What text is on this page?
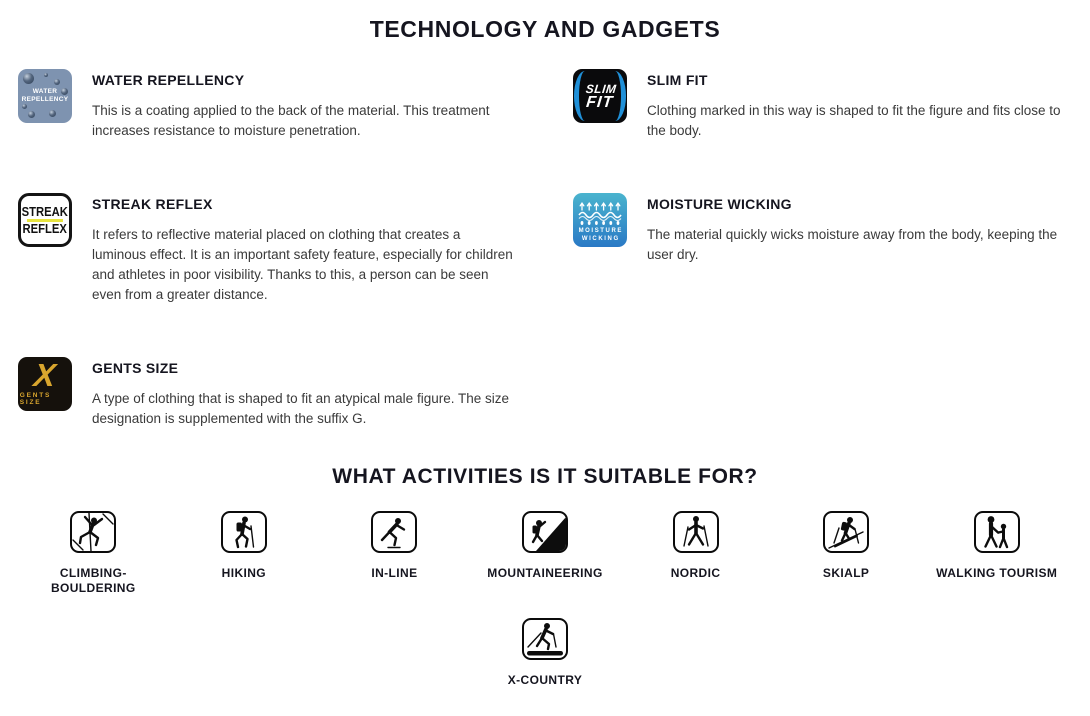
TECHNOLOGY AND GADGETS
WATER
REPELLENCY
WATER REPELLENCY

This is a coating applied to the back of the material. This treatment increases resistance to moisture penetration.

SLIM
FIT
SLIM FIT

Clothing marked in this way is shaped to fit the figure and fits close to the body.

STREAK
REFLEX
STREAK REFLEX

It refers to reflective material placed on clothing that creates a luminous effect. It is an important safety feature, especially for children and athletes in poor visibility. Thanks to this, a person can be seen even from a greater distance.

MOISTURE
WICKING
MOISTURE WICKING

The material quickly wicks moisture away from the body, keeping the user dry.

X
GENTS SIZE
GENTS SIZE

A type of clothing that is shaped to fit an atypical male figure. The size designation is supplemented with the suffix G.

WHAT ACTIVITIES IS IT SUITABLE FOR?
CLIMBING-BOULDERING
HIKING	IN-LINE	MOUNTAINEERING	NORDIC	SKIALP	WALKING TOURISM
X-COUNTRY
